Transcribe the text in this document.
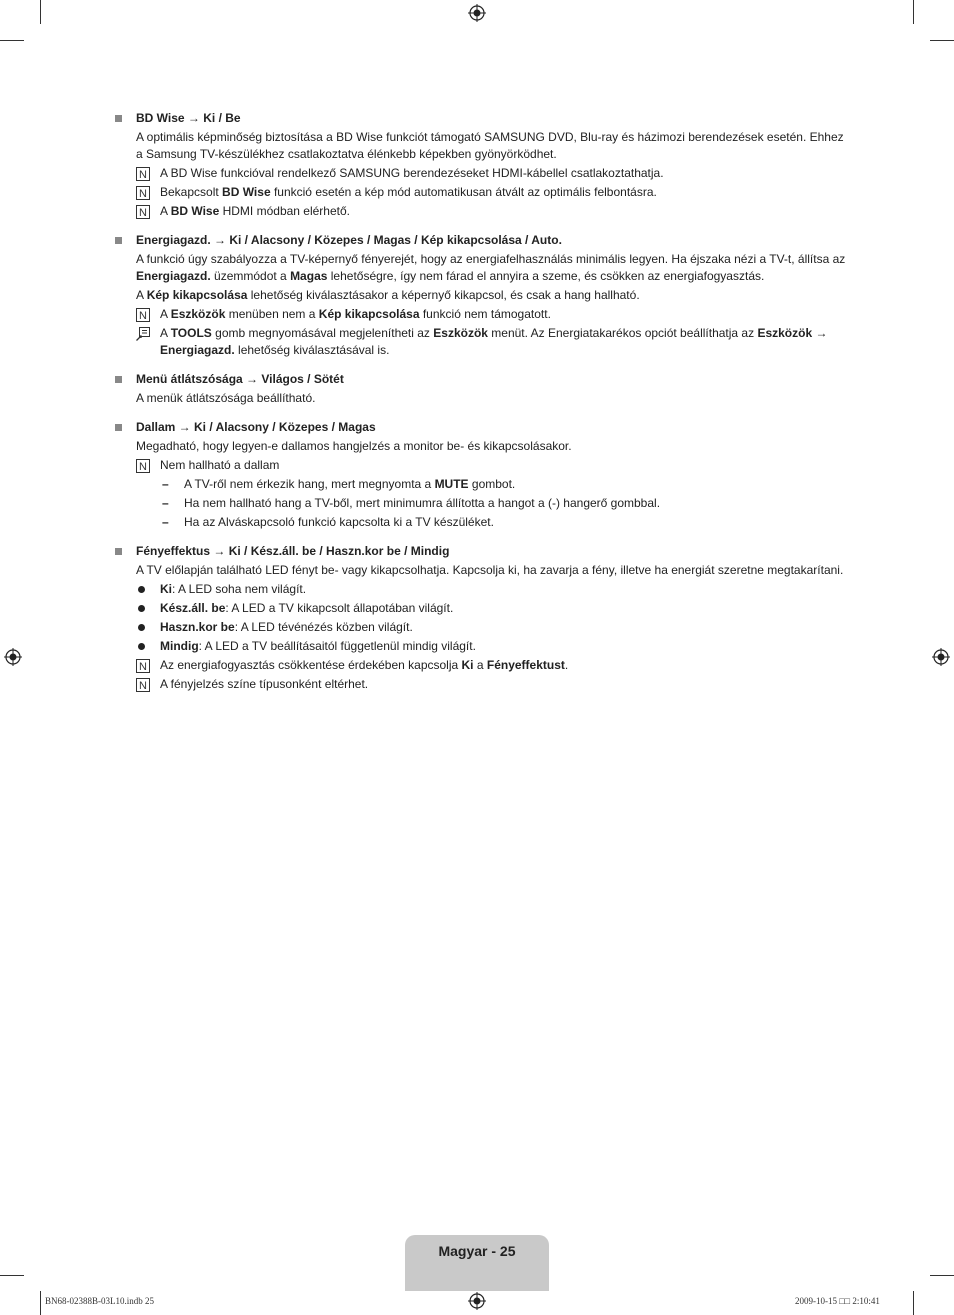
BD Wise → Ki / Be
A optimális képminőség biztosítása a BD Wise funkciót támogató SAMSUNG DVD, Blu-ray és házimozi berendezések esetén. Ehhez a Samsung TV-készülékhez csatlakoztatva élénkebb képekben gyönyörködhet.
N A BD Wise funkcióval rendelkező SAMSUNG berendezéseket HDMI-kábellel csatlakoztathatja.
N Bekapcsolt BD Wise funkció esetén a kép mód automatikusan átvált az optimális felbontásra.
N A BD Wise HDMI módban elérhető.
Energiagazd. → Ki / Alacsony / Közepes / Magas / Kép kikapcsolása / Auto.
A funkció úgy szabályozza a TV-képernyő fényerejét, hogy az energiafelhasználás minimális legyen. Ha éjszaka nézi a TV-t, állítsa az Energiagazd. üzemmódot a Magas lehetőségre, így nem fárad el annyira a szeme, és csökken az energiafogyasztás.
A Kép kikapcsolása lehetőség kiválasztásakor a képernyő kikapcsol, és csak a hang hallható.
N A Eszközök menüben nem a Kép kikapcsolása funkció nem támogatott.
A TOOLS gomb megnyomásával megjelenítheti az Eszközök menüt. Az Energiatakarékos opciót beállíthatja az Eszközök → Energiagazd. lehetőség kiválasztásával is.
Menü átlátszósága → Világos / Sötét
A menük átlátszósága beállítható.
Dallam → Ki / Alacsony / Közepes / Magas
Megadható, hogy legyen-e dallamos hangjelzés a monitor be- és kikapcsolásakor.
N Nem hallható a dallam
– A TV-ről nem érkezik hang, mert megnyomta a MUTE gombot.
– Ha nem hallható hang a TV-ből, mert minimumra állította a hangot a (-) hangerő gombbal.
– Ha az Alváskapcsoló funkció kapcsolta ki a TV készüléket.
Fényeffektus → Ki / Kész.áll. be / Haszn.kor be / Mindig
A TV előlapján található LED fényt be- vagy kikapcsolhatja. Kapcsolja ki, ha zavarja a fény, illetve ha energiát szeretne megtakarítani.
Ki: A LED soha nem világít.
Kész.áll. be: A LED a TV kikapcsolt állapotában világít.
Haszn.kor be: A LED tévénézés közben világít.
Mindig: A LED a TV beállításaitól függetlenül mindig világít.
N Az energiafogyasztás csökkentése érdekében kapcsolja Ki a Fényeffektust.
N A fényjelzés színe típusonként eltérhet.
Magyar - 25
BN68-02388B-03L10.indb 25	2009-10-15 □□ 2:10:41
